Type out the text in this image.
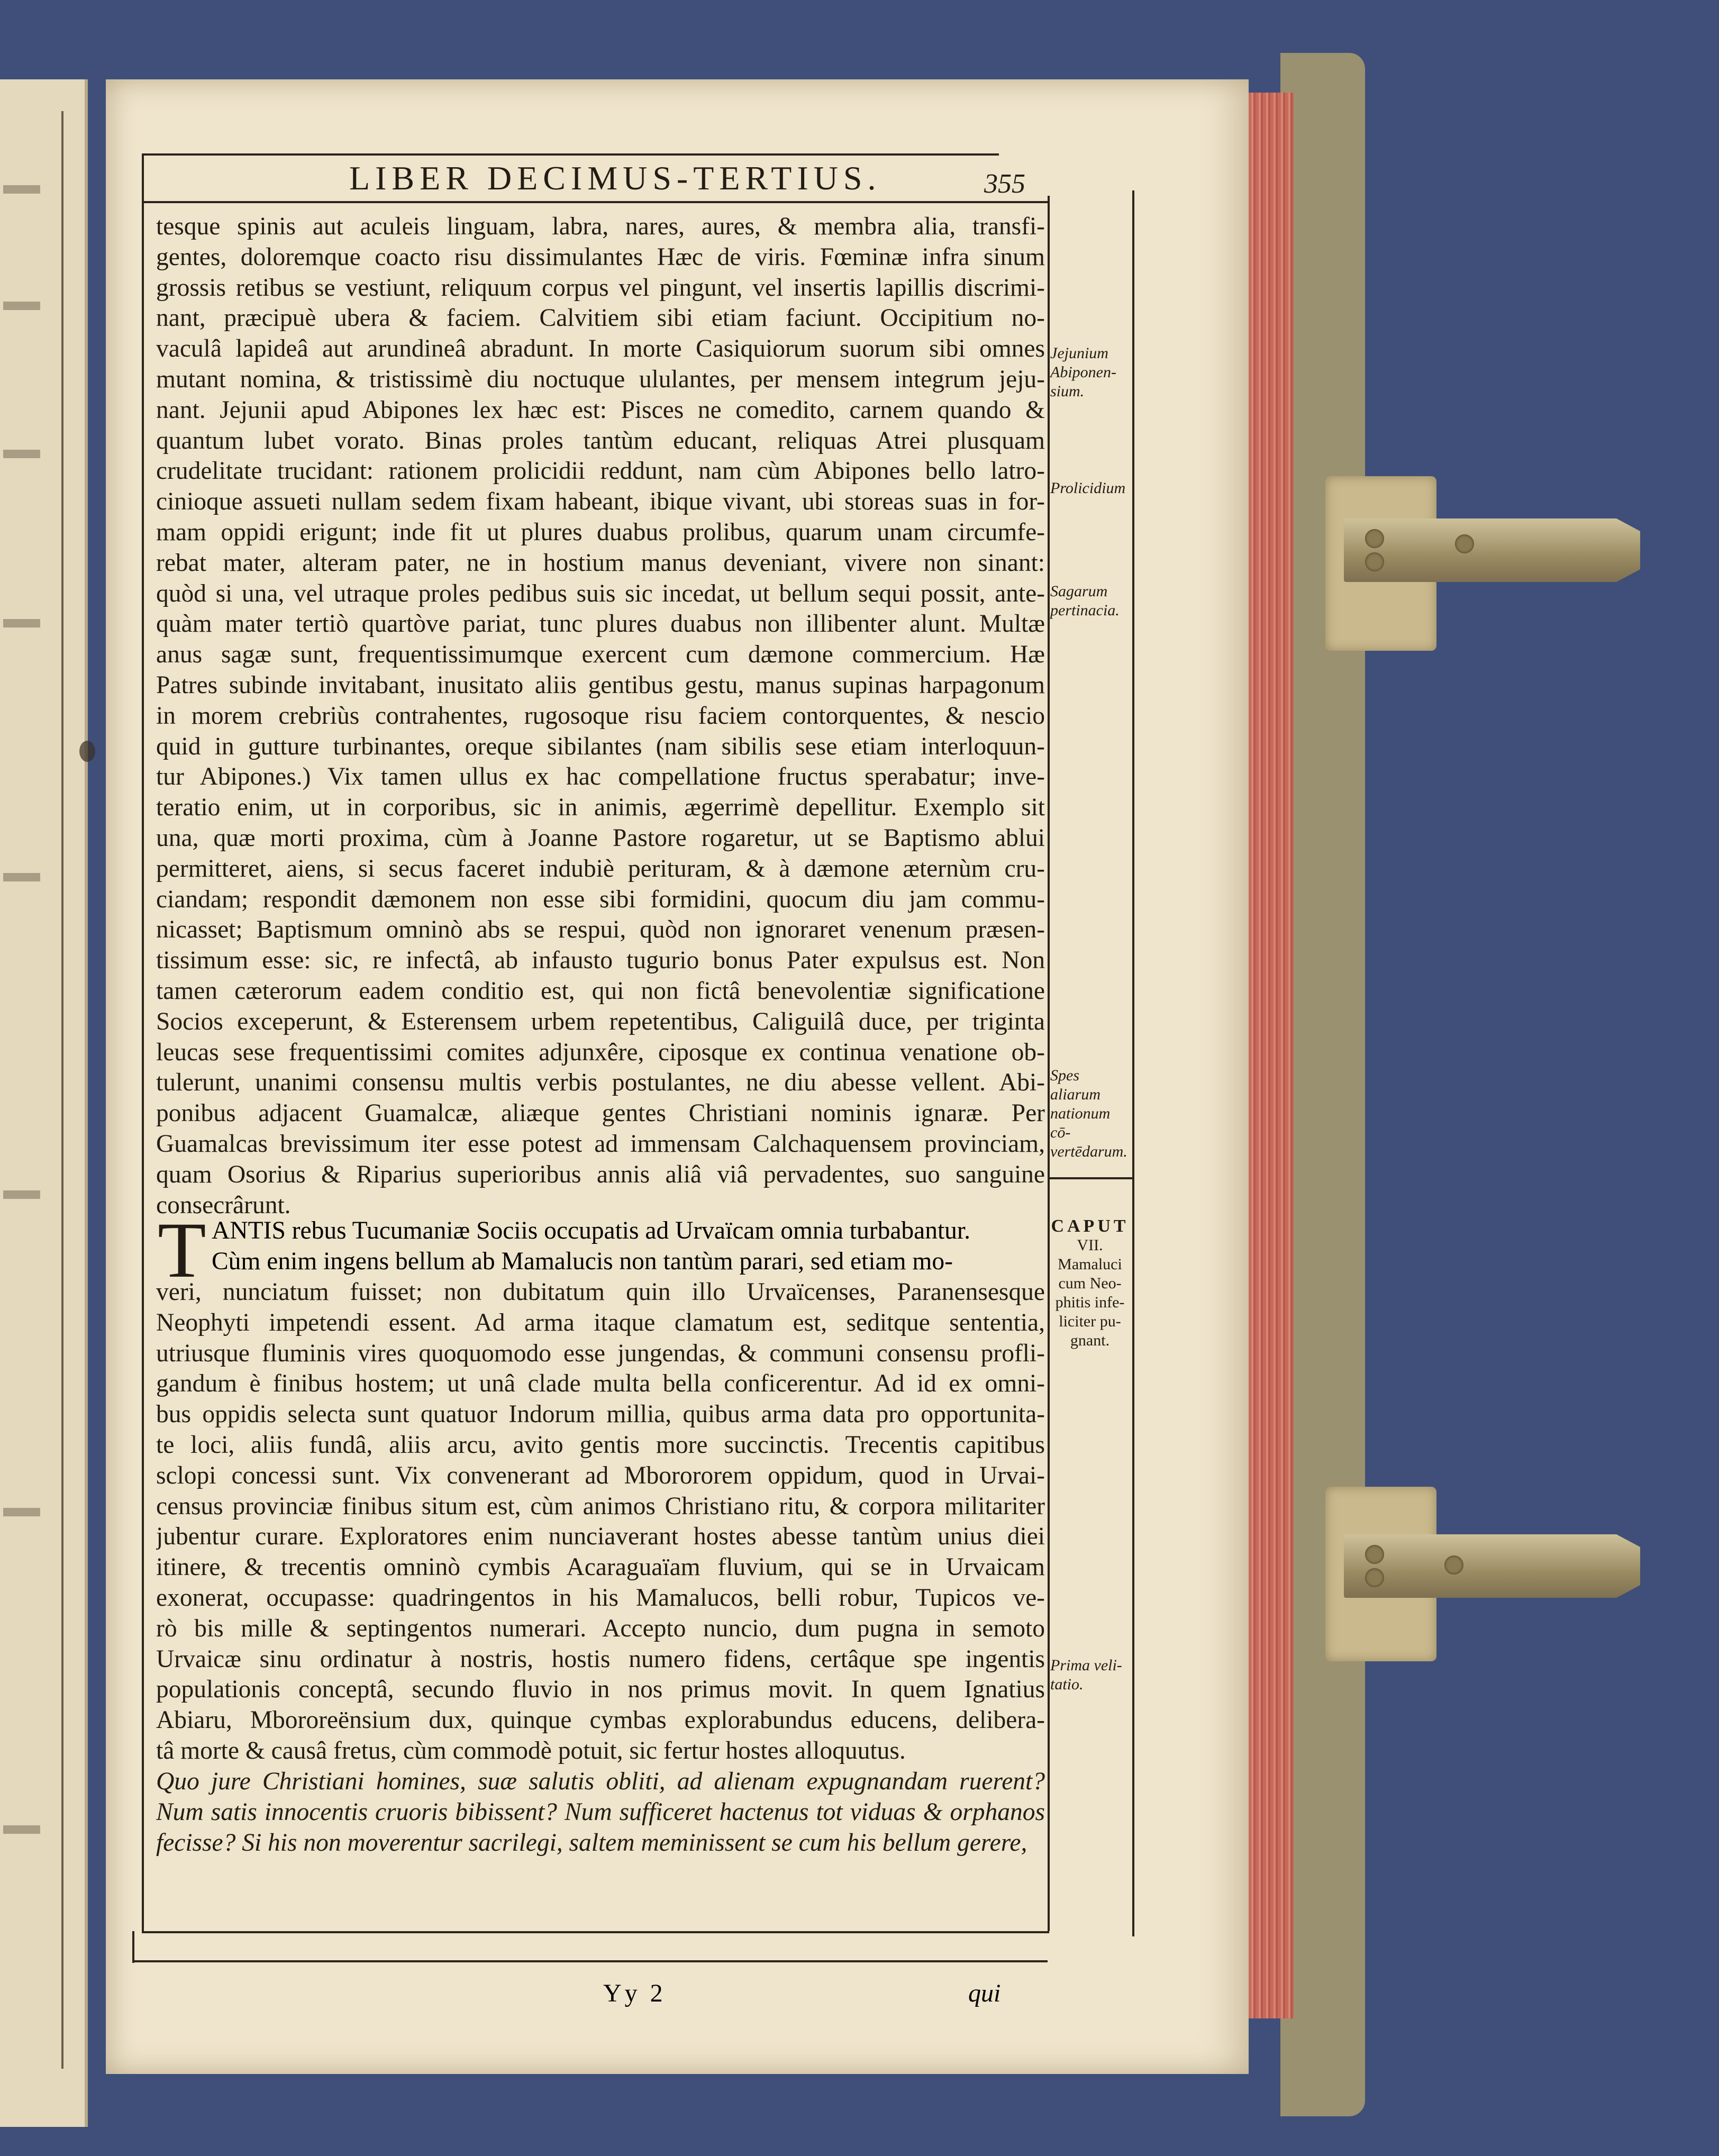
LIBER DECIMUS-TERTIUS.	355
tesque spinis aut aculeis linguam, labra, nares, aures, & membra alia, transfi-
gentes, doloremque coacto risu dissimulantes Hæc de viris. Fœminæ infra sinum
grossis retibus se vestiunt, reliquum corpus vel pingunt, vel insertis lapillis discrimi-
nant, præcipuè ubera & faciem. Calvitiem sibi etiam faciunt. Occipitium no-
vaculâ lapideâ aut arundineâ abradunt. In morte Casiquiorum suorum sibi omnes
mutant nomina, & tristissimè diu noctuque ululantes, per mensem integrum jeju-
nant. Jejunii apud Abipones lex hæc est: Pisces ne comedito, carnem quando &
quantum lubet vorato. Binas proles tantùm educant, reliquas Atrei plusquam
crudelitate trucidant: rationem prolicidii reddunt, nam cùm Abipones bello latro-
cinioque assueti nullam sedem fixam habeant, ibique vivant, ubi storeas suas in for-
mam oppidi erigunt; inde fit ut plures duabus prolibus, quarum unam circumfe-
rebat mater, alteram pater, ne in hostium manus deveniant, vivere non sinant:
quòd si una, vel utraque proles pedibus suis sic incedat, ut bellum sequi possit, ante-
quàm mater tertiò quartòve pariat, tunc plures duabus non illibenter alunt. Multæ
anus sagæ sunt, frequentissimumque exercent cum dæmone commercium. Hæ
Patres subinde invitabant, inusitato aliis gentibus gestu, manus supinas harpagonum
in morem crebriùs contrahentes, rugosoque risu faciem contorquentes, & nescio
quid in gutture turbinantes, oreque sibilantes (nam sibilis sese etiam interloquun-
tur Abipones.) Vix tamen ullus ex hac compellatione fructus sperabatur; inve-
teratio enim, ut in corporibus, sic in animis, ægerrimè depellitur. Exemplo sit
una, quæ morti proxima, cùm à Joanne Pastore rogaretur, ut se Baptismo ablui
permitteret, aiens, si secus faceret indubiè perituram, & à dæmone æternùm cru-
ciandam; respondit dæmonem non esse sibi formidini, quocum diu jam commu-
nicasset; Baptismum omninò abs se respui, quòd non ignoraret venenum præsen-
tissimum esse: sic, re infectâ, ab infausto tugurio bonus Pater expulsus est. Non
tamen cæterorum eadem conditio est, qui non fictâ benevolentiæ significatione
Socios exceperunt, & Esterensem urbem repetentibus, Caliguilâ duce, per triginta
leucas sese frequentissimi comites adjunxêre, ciposque ex continua venatione ob-
tulerunt, unanimi consensu multis verbis postulantes, ne diu abesse vellent. Abi-
ponibus adjacent Guamalcæ, aliæque gentes Christiani nominis ignaræ. Per
Guamalcas brevissimum iter esse potest ad immensam Calchaquensem provinciam,
quam Osorius & Riparius superioribus annis aliâ viâ pervadentes, suo sanguine
consecrârunt.
T ANTIS rebus Tucumaniæ Sociis occupatis ad Urvaïcam omnia turbabantur.
Cùm enim ingens bellum ab Mamalucis non tantùm parari, sed etiam mo-
veri, nunciatum fuisset; non dubitatum quin illo Urvaïcenses, Paranensesque
Neophyti impetendi essent. Ad arma itaque clamatum est, seditque sententia,
utriusque fluminis vires quoquomodo esse jungendas, & communi consensu profli-
gandum è finibus hostem; ut unâ clade multa bella conficerentur. Ad id ex omni-
bus oppidis selecta sunt quatuor Indorum millia, quibus arma data pro opportunita-
te loci, aliis fundâ, aliis arcu, avito gentis more succinctis. Trecentis capitibus
sclopi concessi sunt. Vix convenerant ad Mborororem oppidum, quod in Urvai-
census provinciæ finibus situm est, cùm animos Christiano ritu, & corpora militariter
jubentur curare. Exploratores enim nunciaverant hostes abesse tantùm unius diei
itinere, & trecentis omninò cymbis Acaraguaïam fluvium, qui se in Urvaicam
exonerat, occupasse: quadringentos in his Mamalucos, belli robur, Tupicos ve-
rò bis mille & septingentos numerari. Accepto nuncio, dum pugna in semoto
Urvaicæ sinu ordinatur à nostris, hostis numero fidens, certâque spe ingentis
populationis conceptâ, secundo fluvio in nos primus movit. In quem Ignatius
Abiaru, Mbororeënsium dux, quinque cymbas explorabundus educens, delibera-
tâ morte & causâ fretus, cùm commodè potuit, sic fertur hostes alloquutus.
Quo jure Christiani homines, suæ salutis obliti, ad alienam expugnandam ruerent?
Num satis innocentis cruoris bibissent? Num sufficeret hactenus tot viduas & orphanos
fecisse? Si his non moverentur sacrilegi, saltem meminissent se cum his bellum gerere,
Yy 2	qui
Jejunium
Abiponen-
sium.
Prolicidium
Sagarum
pertinacia.
Spes aliarum
nationum cō-
vertēdarum.
CAPUT
VII.
Mamaluci
cum Neo-
phitis infe-
liciter pu-
gnant.
Prima veli-
tatio.
